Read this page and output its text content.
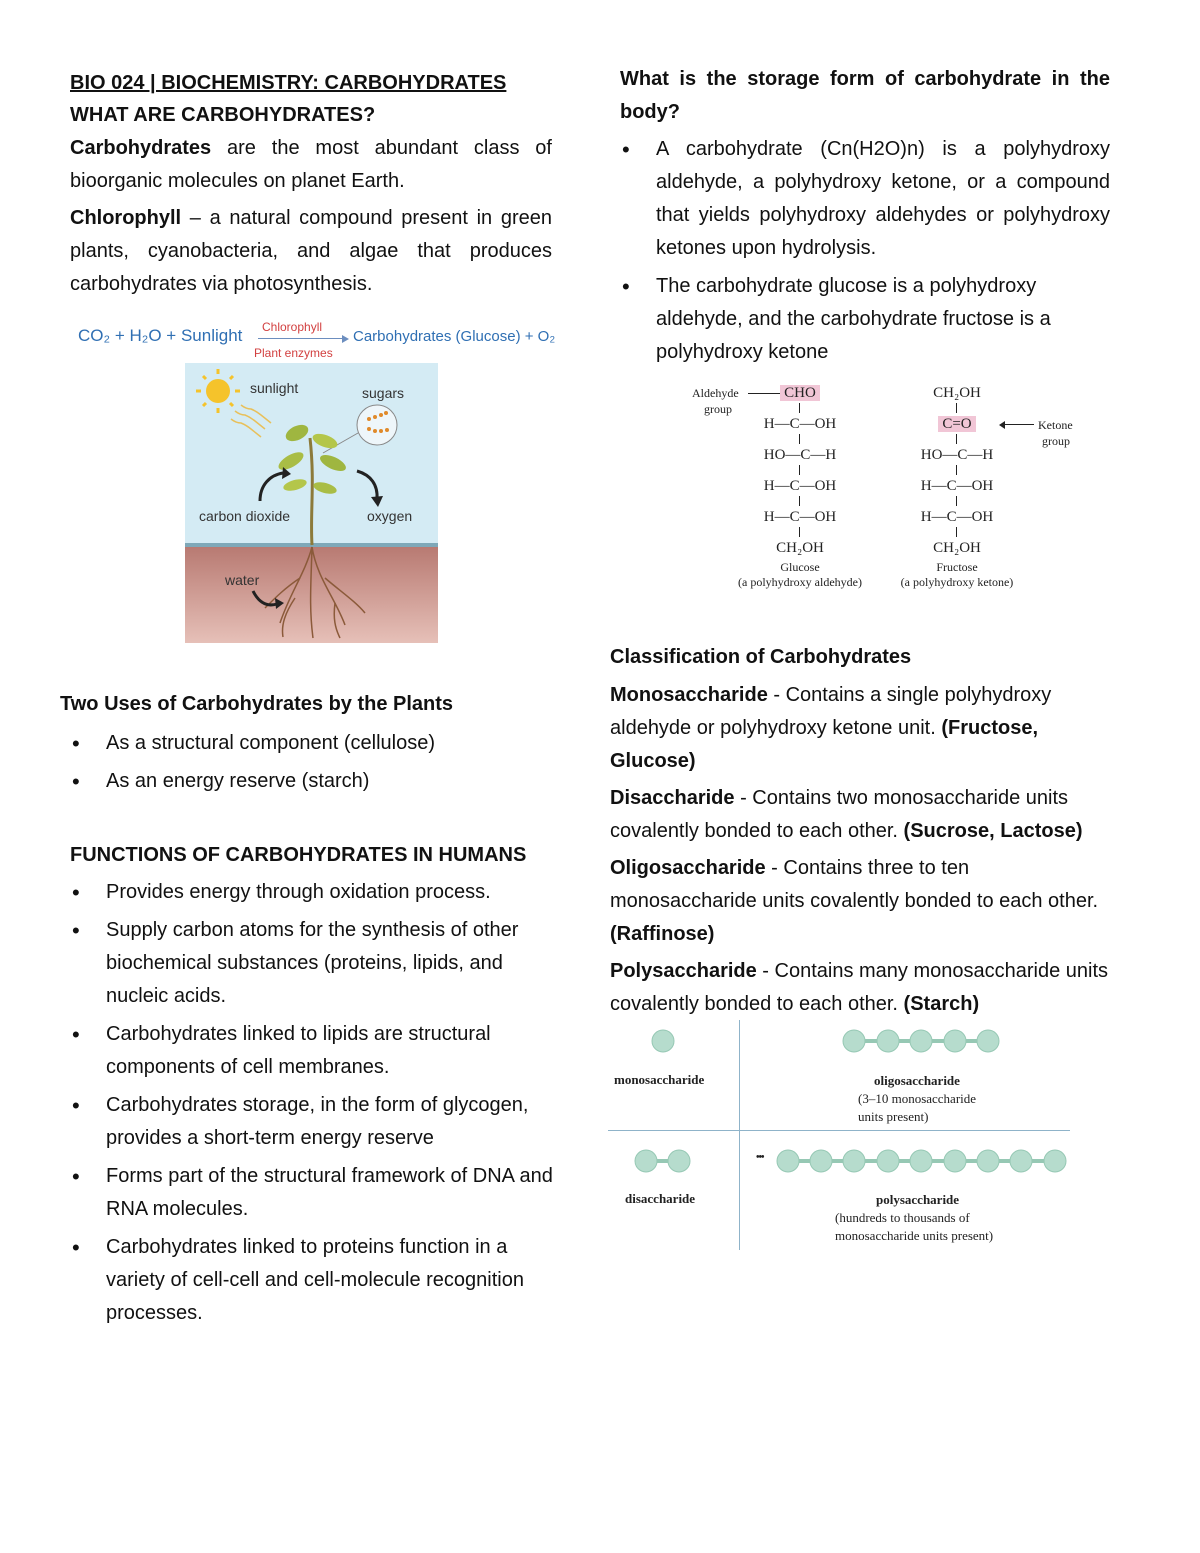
BIO 024 | BIOCHEMISTRY: CARBOHYDRATES
WHAT ARE CARBOHYDRATES?

Carbohydrates are the most abundant class of bioorganic molecules on planet Earth.

Chlorophyll – a natural compound present in green plants, cyanobacteria, and algae that produces carbohydrates via photosynthesis.

CO₂ + H₂O + Sunlight Chlorophyll
Plant enzymes
Carbohydrates (Glucose) + O₂
sunlight	sugars
carbon dioxide	oxygen
water
Two Uses of Carbohydrates by the Plants
• As a structural component (cellulose)
• As an energy reserve (starch)
FUNCTIONS OF CARBOHYDRATES IN HUMANS
• Provides energy through oxidation process.
• Supply carbon atoms for the synthesis of other biochemical substances (proteins, lipids, and nucleic acids.
• Carbohydrates linked to lipids are structural components of cell membranes.
• Carbohydrates storage, in the form of glycogen, provides a short-term energy reserve
• Forms part of the structural framework of DNA and RNA molecules.
• Carbohydrates linked to proteins function in a variety of cell-cell and cell-molecule recognition processes.
What is the storage form of carbohydrate in the body?
• A carbohydrate (Cn(H2O)n) is a polyhydroxy aldehyde, a polyhydroxy ketone, or a compound that yields polyhydroxy aldehydes or polyhydroxy ketones upon hydrolysis.
• The carbohydrate glucose is a polyhydroxy aldehyde, and the carbohydrate fructose is a polyhydroxy ketone
Aldehyde
group
CHO
H—C—OH
HO—C—H
H—C—OH
H—C—OH
CH₂OH
CH₂OH
C=O
HO—C—H
H—C—OH
H—C—OH
CH₂OH
Ketone
group
Glucose
(a polyhydroxy aldehyde)
Fructose
(a polyhydroxy ketone)
Classification of Carbohydrates

Monosaccharide - Contains a single polyhydroxy aldehyde or polyhydroxy ketone unit. (Fructose, Glucose)

Disaccharide - Contains two monosaccharide units covalently bonded to each other. (Sucrose, Lactose)

Oligosaccharide - Contains three to ten monosaccharide units covalently bonded to each other. (Raffinose)

Polysaccharide - Contains many monosaccharide units covalently bonded to each other. (Starch)

•••
monosaccharide	oligosaccharide
(3–10 monosaccharide
units present)
disaccharide	polysaccharide
(hundreds to thousands of
monosaccharide units present)
